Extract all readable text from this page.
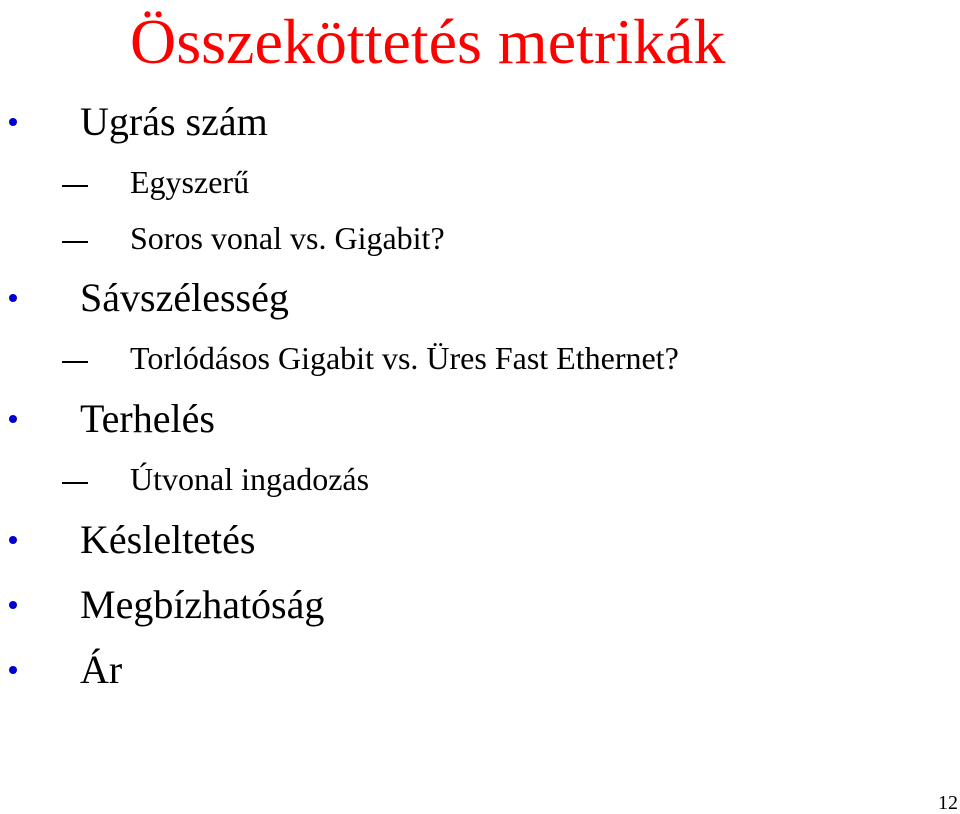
Összeköttetés metrikák
Ugrás szám
Egyszerű
Soros vonal vs. Gigabit?
Sávszélesség
Torlódásos Gigabit vs. Üres Fast Ethernet?
Terhelés
Útvonal ingadozás
Késleltetés
Megbízhatóság
Ár
12
